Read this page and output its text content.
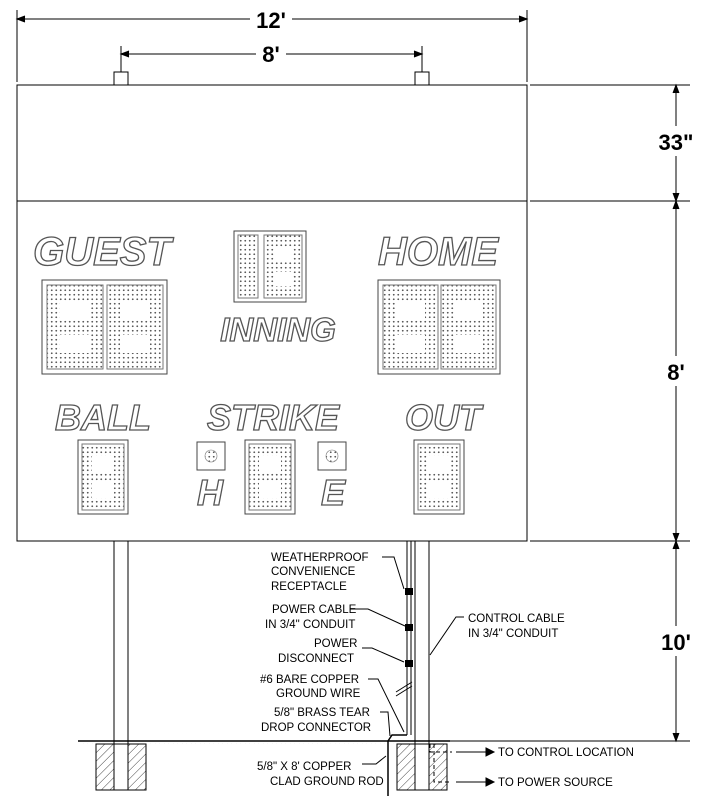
12'
8'
33"
8'
10'
GUEST	HOME
INNING
BALL STRIKE OUT
H	E
TO CONTROL LOCATION
TO POWER SOURCE
WEATHERPROOF
CONVENIENCE
RECEPTACLE
POWER CABLE
IN 3/4" CONDUIT
POWER
DISCONNECT
#6 BARE COPPER
GROUND WIRE
5/8" BRASS TEAR
DROP CONNECTOR
5/8" X 8' COPPER
CLAD GROUND ROD
CONTROL CABLE
IN 3/4" CONDUIT
